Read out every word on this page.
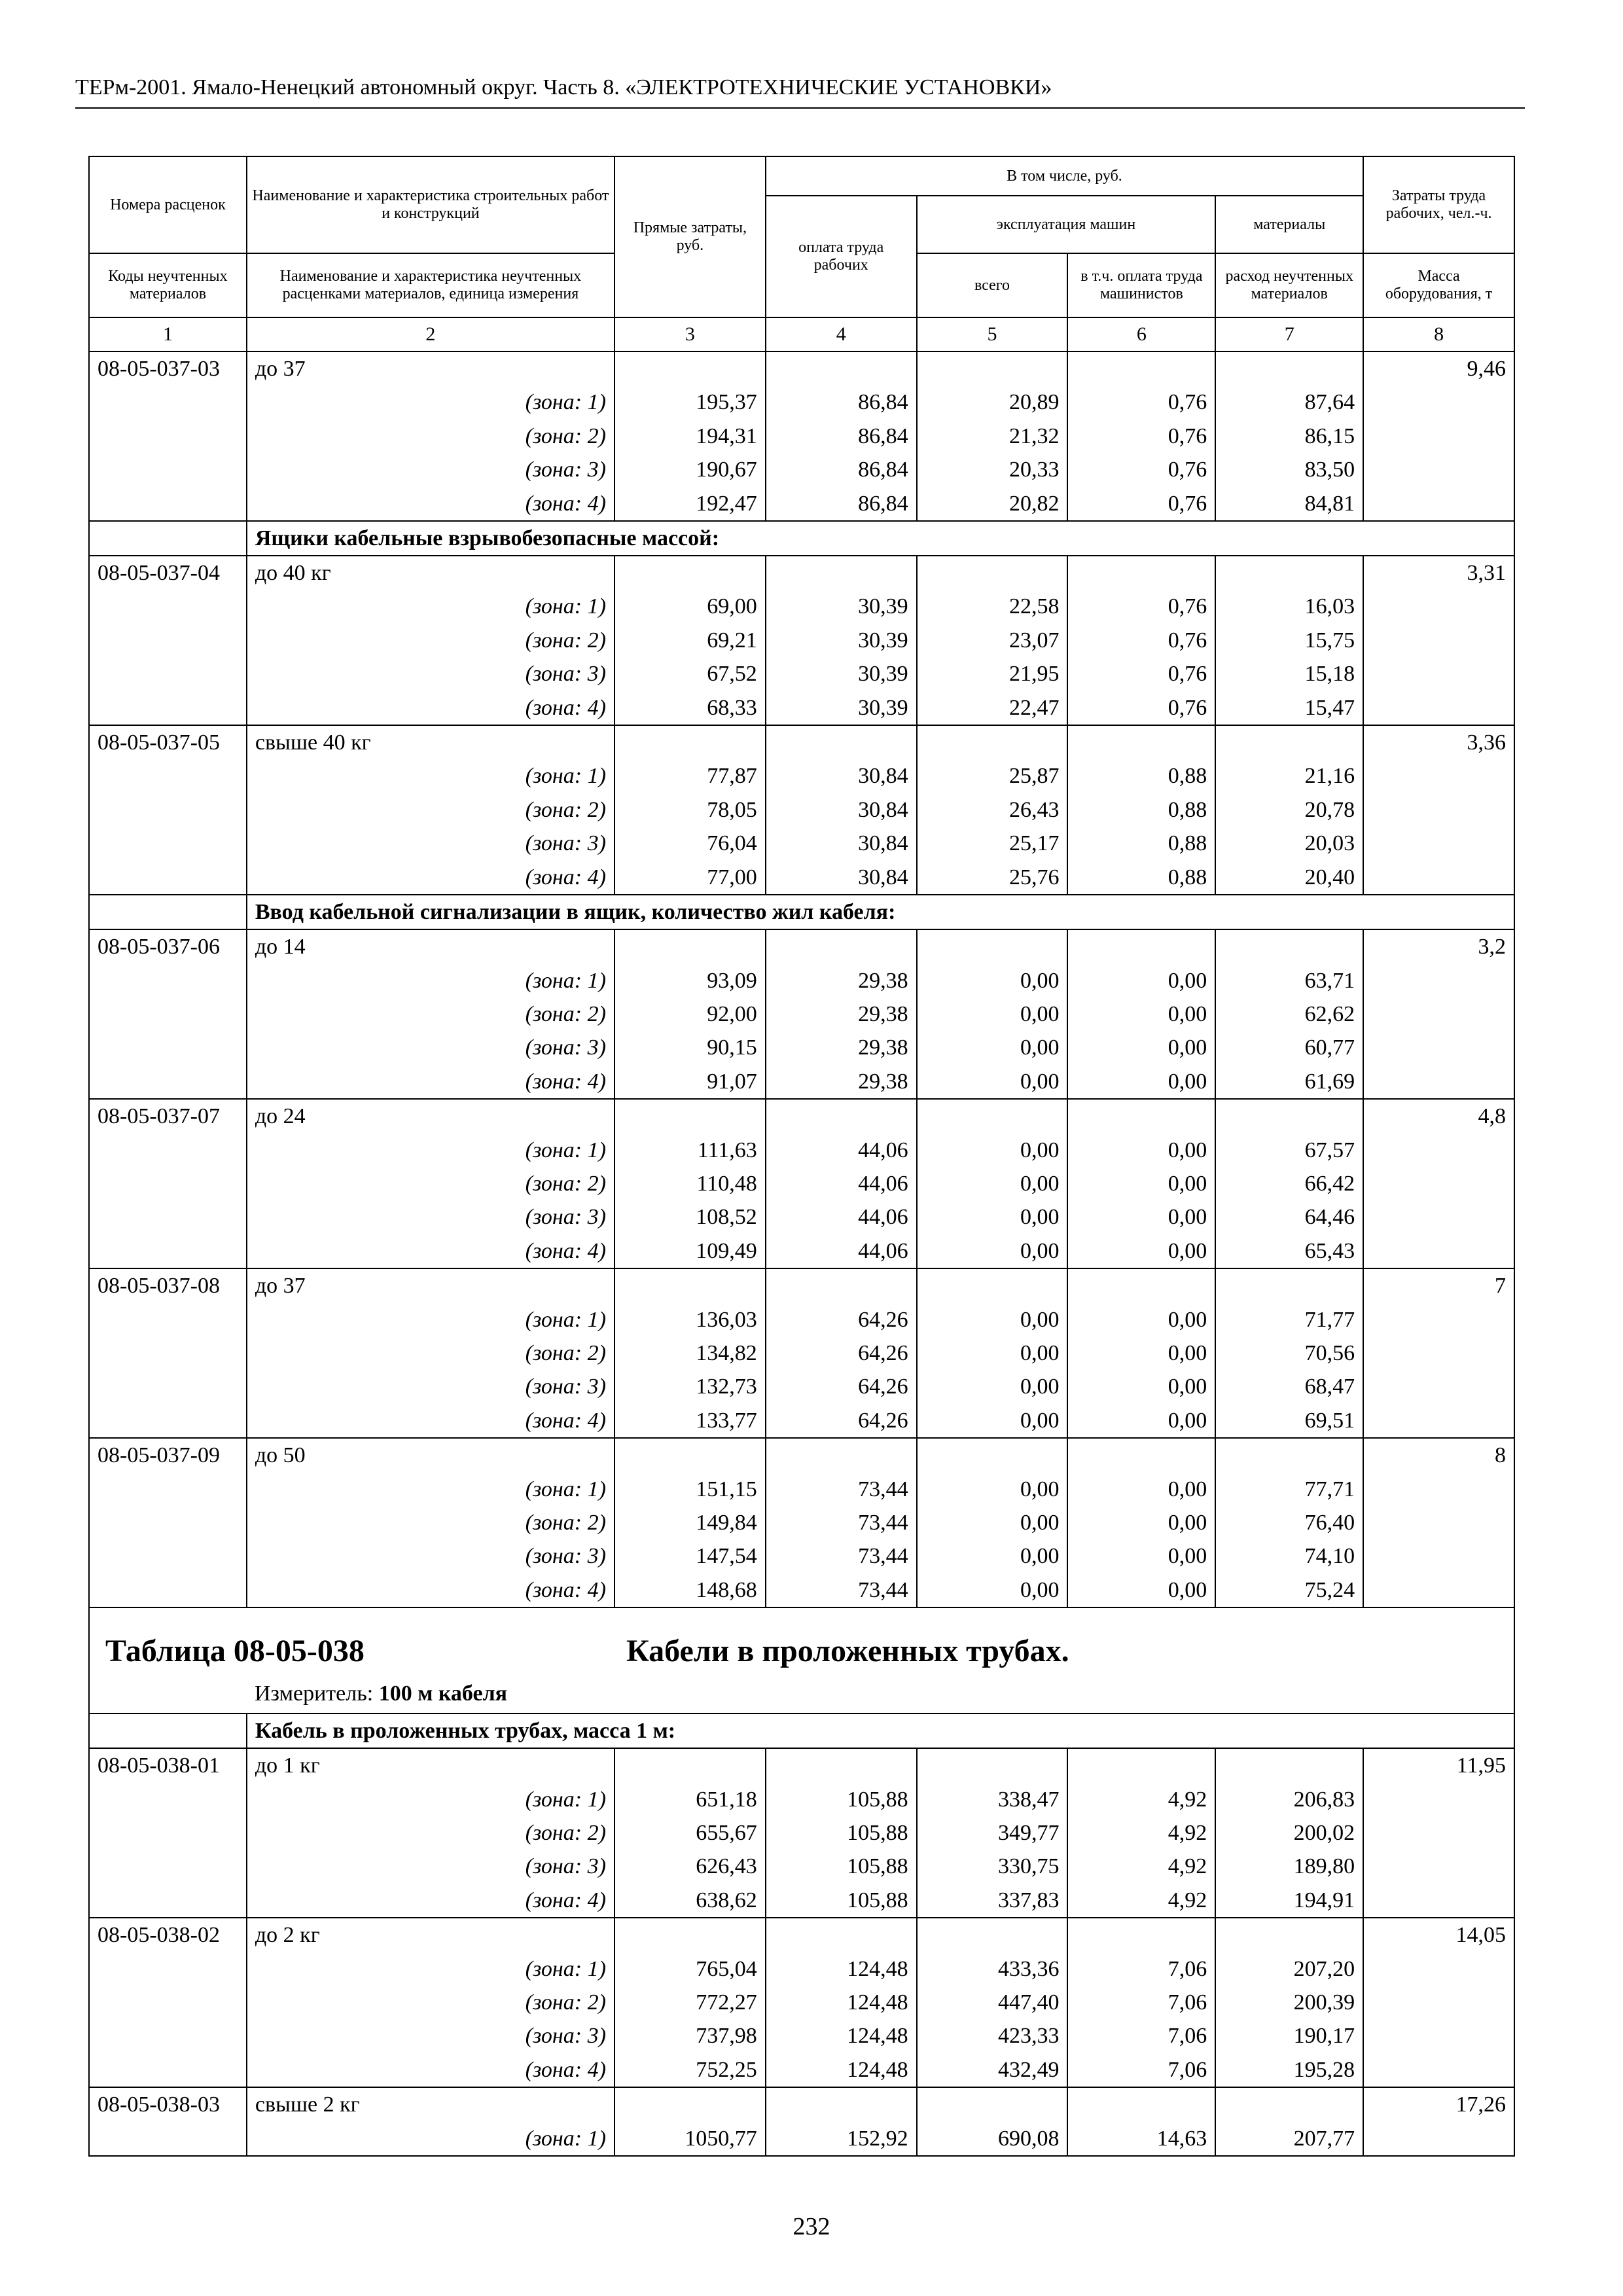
ТЕРм-2001. Ямало-Ненецкий автономный округ. Часть 8. «ЭЛЕКТРОТЕХНИЧЕСКИЕ УСТАНОВКИ»
Номера расценок	Наименование и характеристика строительных работ и конструкций	Прямые затраты, руб.	В том числе, руб.				Затраты труда рабочих, чел.-ч.
			оплата труда рабочих	эксплуатация машин		материалы	
Коды неучтенных материалов	Наименование и характеристика неучтенных расценками материалов, единица измерения			всего	в т.ч. оплата труда машинистов	расход неучтенных материалов	Масса оборудования, т
1	2	3	4	5	6	7	8
08-05-037-03	до 37						9,46
	(зона: 1)	195,37	86,84	20,89	0,76	87,64	
	(зона: 2)	194,31	86,84	21,32	0,76	86,15	
	(зона: 3)	190,67	86,84	20,33	0,76	83,50	
	(зона: 4)	192,47	86,84	20,82	0,76	84,81	
	Ящики кабельные взрывобезопасные массой:						
08-05-037-04	до 40 кг						3,31
	(зона: 1)	69,00	30,39	22,58	0,76	16,03	
	(зона: 2)	69,21	30,39	23,07	0,76	15,75	
	(зона: 3)	67,52	30,39	21,95	0,76	15,18	
	(зона: 4)	68,33	30,39	22,47	0,76	15,47	
08-05-037-05	свыше 40 кг						3,36
	(зона: 1)	77,87	30,84	25,87	0,88	21,16	
	(зона: 2)	78,05	30,84	26,43	0,88	20,78	
	(зона: 3)	76,04	30,84	25,17	0,88	20,03	
	(зона: 4)	77,00	30,84	25,76	0,88	20,40	
	Ввод кабельной сигнализации в ящик, количество жил кабеля:						
08-05-037-06	до 14						3,2
	(зона: 1)	93,09	29,38	0,00	0,00	63,71	
	(зона: 2)	92,00	29,38	0,00	0,00	62,62	
	(зона: 3)	90,15	29,38	0,00	0,00	60,77	
	(зона: 4)	91,07	29,38	0,00	0,00	61,69	
08-05-037-07	до 24						4,8
	(зона: 1)	111,63	44,06	0,00	0,00	67,57	
	(зона: 2)	110,48	44,06	0,00	0,00	66,42	
	(зона: 3)	108,52	44,06	0,00	0,00	64,46	
	(зона: 4)	109,49	44,06	0,00	0,00	65,43	
08-05-037-08	до 37						7
	(зона: 1)	136,03	64,26	0,00	0,00	71,77	
	(зона: 2)	134,82	64,26	0,00	0,00	70,56	
	(зона: 3)	132,73	64,26	0,00	0,00	68,47	
	(зона: 4)	133,77	64,26	0,00	0,00	69,51	
08-05-037-09	до 50						8
	(зона: 1)	151,15	73,44	0,00	0,00	77,71	
	(зона: 2)	149,84	73,44	0,00	0,00	76,40	
	(зона: 3)	147,54	73,44	0,00	0,00	74,10	
	(зона: 4)	148,68	73,44	0,00	0,00	75,24	

Таблица 08-05-038 Кабели в проложенных трубах.
Измеритель: 100 м кабеля							

	Кабель в проложенных трубах, масса 1 м:						
08-05-038-01	до 1 кг						11,95
	(зона: 1)	651,18	105,88	338,47	4,92	206,83	
	(зона: 2)	655,67	105,88	349,77	4,92	200,02	
	(зона: 3)	626,43	105,88	330,75	4,92	189,80	
	(зона: 4)	638,62	105,88	337,83	4,92	194,91	
08-05-038-02	до 2 кг						14,05
	(зона: 1)	765,04	124,48	433,36	7,06	207,20	
	(зона: 2)	772,27	124,48	447,40	7,06	200,39	
	(зона: 3)	737,98	124,48	423,33	7,06	190,17	
	(зона: 4)	752,25	124,48	432,49	7,06	195,28	
08-05-038-03	свыше 2 кг						17,26
	(зона: 1)	1050,77	152,92	690,08	14,63	207,77	
232
